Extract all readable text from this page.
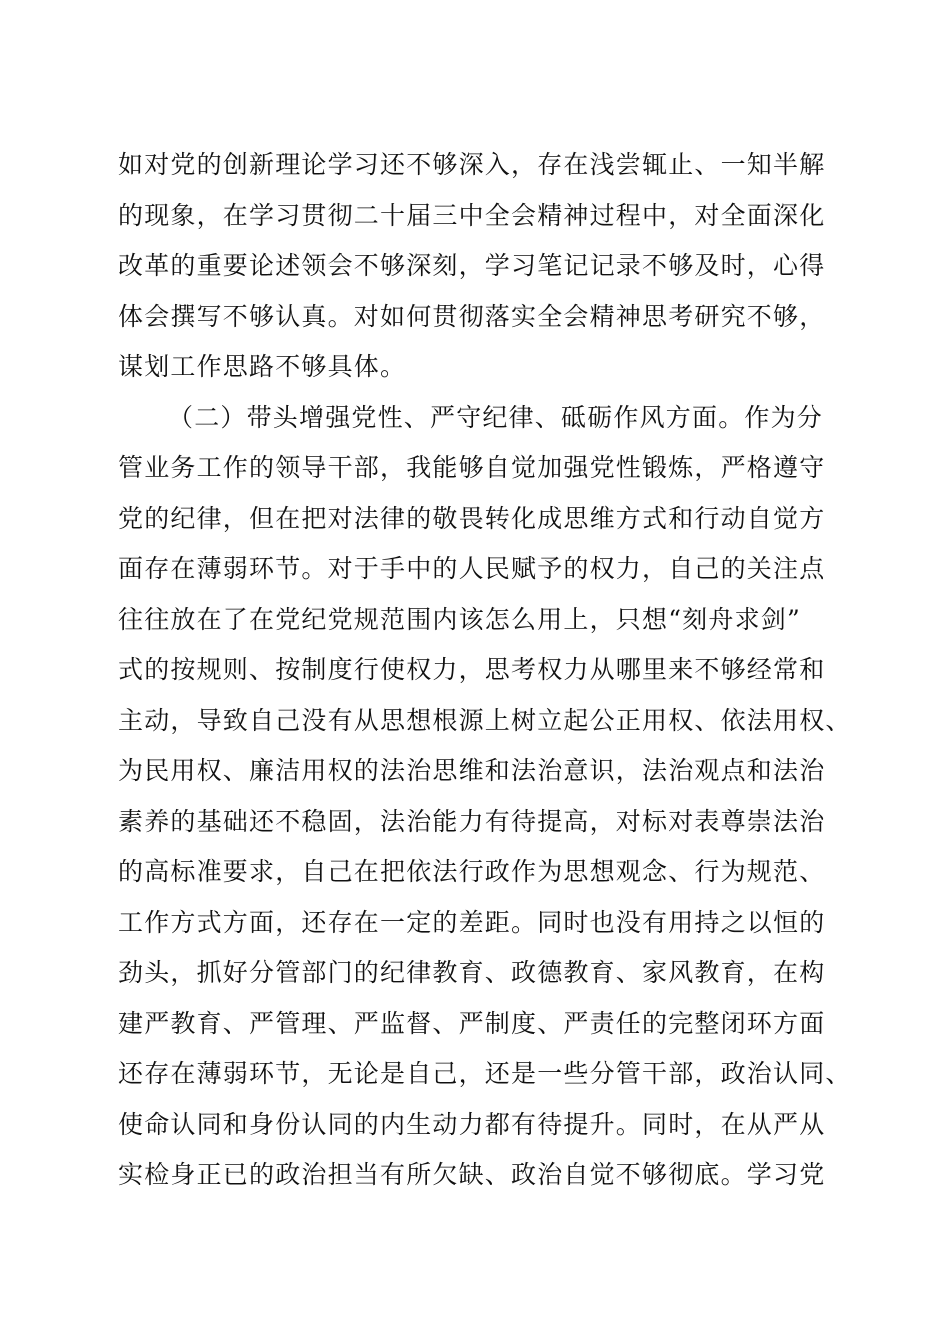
如对党的创新理论学习还不够深入，存在浅尝辄止、一知半解
的现象，在学习贯彻二十届三中全会精神过程中，对全面深化
改革的重要论述领会不够深刻，学习笔记记录不够及时，心得
体会撰写不够认真。对如何贯彻落实全会精神思考研究不够，
谋划工作思路不够具体。
（二）带头增强党性、严守纪律、砥砺作风方面。作为分
管业务工作的领导干部，我能够自觉加强党性锻炼，严格遵守
党的纪律，但在把对法律的敬畏转化成思维方式和行动自觉方
面存在薄弱环节。对于手中的人民赋予的权力，自己的关注点
往往放在了在党纪党规范围内该怎么用上，只想“刻舟求剑”
式的按规则、按制度行使权力，思考权力从哪里来不够经常和
主动，导致自己没有从思想根源上树立起公正用权、依法用权、
为民用权、廉洁用权的法治思维和法治意识，法治观点和法治
素养的基础还不稳固，法治能力有待提高，对标对表尊崇法治
的高标准要求，自己在把依法行政作为思想观念、行为规范、
工作方式方面，还存在一定的差距。同时也没有用持之以恒的
劲头，抓好分管部门的纪律教育、政德教育、家风教育，在构
建严教育、严管理、严监督、严制度、严责任的完整闭环方面
还存在薄弱环节，无论是自己，还是一些分管干部，政治认同、
使命认同和身份认同的内生动力都有待提升。同时，在从严从
实检身正已的政治担当有所欠缺、政治自觉不够彻底。学习党
